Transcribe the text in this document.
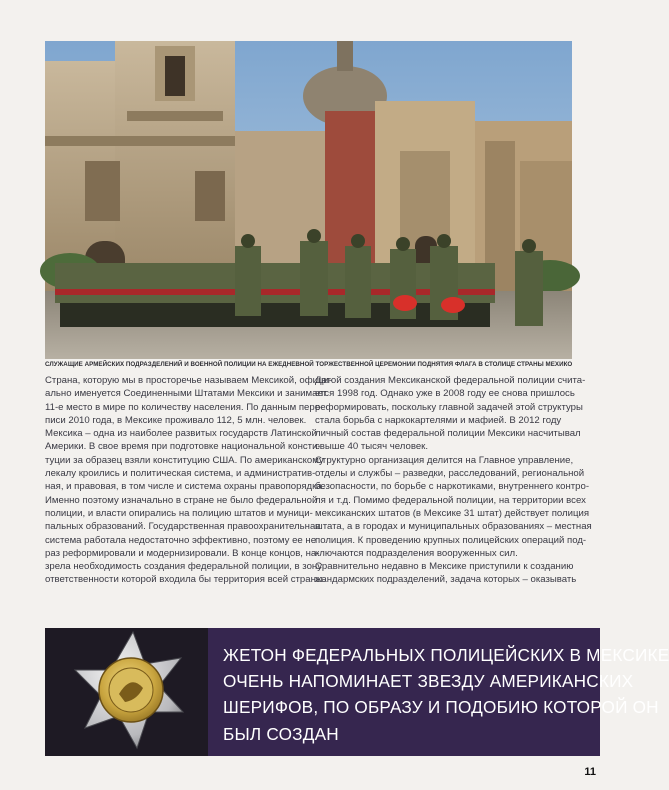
СЛУЖАЩИЕ АРМЕЙСКИХ ПОДРАЗДЕЛЕНИЙ И ВОЕННОЙ ПОЛИЦИИ НА ЕЖЕДНЕВНОЙ ТОРЖЕСТВЕННОЙ ЦЕРЕМОНИИ ПОДНЯТИЯ ФЛАГА В СТОЛИЦЕ СТРАНЫ МЕХИКО
Страна, которую мы в просторечье называем Мексикой, офици-
ально именуется Соединенными Штатами Мексики и занимает
11-е место в мире по количеству населения. По данным пере-
писи 2010 года, в Мексике проживало 112, 5 млн. человек.
Мексика – одна из наиболее развитых государств Латинской
Америки. В свое время при подготовке национальной консти-
туции за образец взяли конституцию США. По американскому
лекалу кроились и политическая система, и административ-
ная, и правовая, в том числе и система охраны правопорядка.
Именно поэтому изначально в стране не было федеральной
полиции, и власти опирались на полицию штатов и муници-
пальных образований. Государственная правоохранительная
система работала недостаточно эффективно, поэтому ее не
раз реформировали и модернизировали. В конце концов, на-
зрела необходимость создания федеральной полиции, в зону
ответственности которой входила бы территория всей страны.
Датой создания Мексиканской федеральной полиции счита-
ется 1998 год. Однако уже в 2008 году ее снова пришлось
реформировать, поскольку главной задачей этой структуры
стала борьба с наркокартелями и мафией. В 2012 году
личный состав федеральной полиции Мексики насчитывал
свыше 40 тысяч человек.
Структурно организация делится на Главное управление,
отделы и службы – разведки, расследований, региональной
безопасности, по борьбе с наркотиками, внутреннего контро-
ля и т.д. Помимо федеральной полиции, на территории всех
мексиканских штатов (в Мексике 31 штат) действует полиция
штата, а в городах и муниципальных образованиях – местная
полиция. К проведению крупных полицейских операций под-
ключаются подразделения вооруженных сил.
Сравнительно недавно в Мексике приступили к созданию
жандармских подразделений, задача которых – оказывать
ЖЕТОН ФЕДЕРАЛЬНЫХ ПОЛИЦЕЙСКИХ В МЕКСИКЕ
ОЧЕНЬ НАПОМИНАЕТ ЗВЕЗДУ АМЕРИКАНСКИХ
ШЕРИФОВ, ПО ОБРАЗУ И ПОДОБИЮ КОТОРОЙ ОН
БЫЛ СОЗДАН
11
